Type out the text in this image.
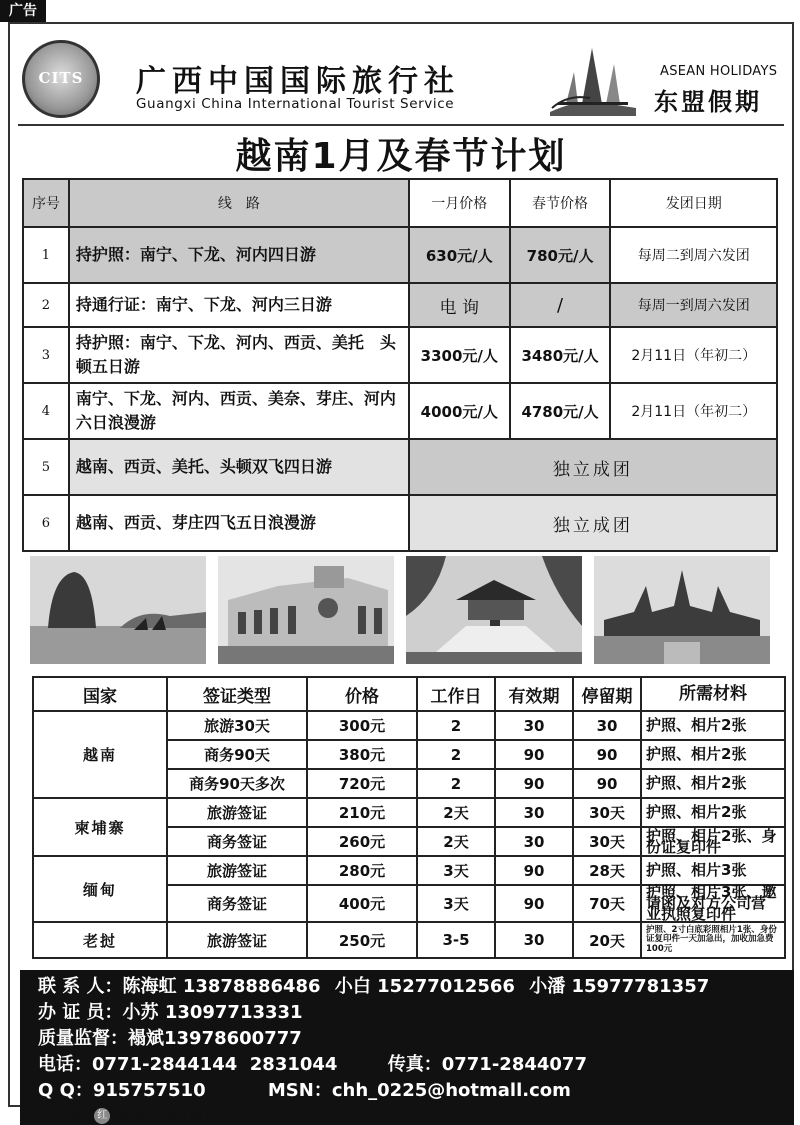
广告
CITS
广西中国国际旅行社
Guangxi China International Tourist Service
ASEAN HOLIDAYS
东盟假期
越南1月及春节计划
序号	线　路	一月价格	春节价格	发团日期
1	持护照：南宁、下龙、河内四日游	630元/人	780元/人	每周二到周六发团
2	持通行证：南宁、下龙、河内三日游	电 询	/	每周一到周六发团
3	持护照：南宁、下龙、河内、西贡、美托　头顿五日游	3300元/人	3480元/人	2月11日（年初二）
4	南宁、下龙、河内、西贡、美奈、芽庄、河内六日浪漫游	4000元/人	4780元/人	2月11日（年初二）
5	越南、西贡、美托、头顿双飞四日游	独立成团		
6	越南、西贡、芽庄四飞五日浪漫游	独立成团		
国家	签证类型	价格	工作日	有效期	停留期	所需材料
越南	旅游30天	300元	2	30	30	护照、相片2张
	商务90天	380元	2	90	90	护照、相片2张
	商务90天多次	720元	2	90	90	护照、相片2张
柬埔寨	旅游签证	210元	2天	30	30天	护照、相片2张
	商务签证	260元	2天	30	30天	护照、相片2张、身份证复印件
缅甸	旅游签证	280元	3天	90	28天	护照、相片3张
	商务签证	400元	3天	90	70天	护照、相片3张、邀请函及对方公司营业执照复印件
老挝	旅游签证	250元	3-5	30	20天	护照、2寸白底彩照相片1张、身份证复印件一天加急出，加收加急费100元
联 系 人：陈海虹 13878886486 小白 15277012566 小潘 15977781357
办 证 员：小苏 13097713331
质量监督：褟斌13978600777
电话：0771-2844144  2831044	传真：0771-2844077
Q Q：915757510	MSN：chh_0225@hotmall.com
38 广西版 红 欢迎浏览电子版 www.zyoo.net
